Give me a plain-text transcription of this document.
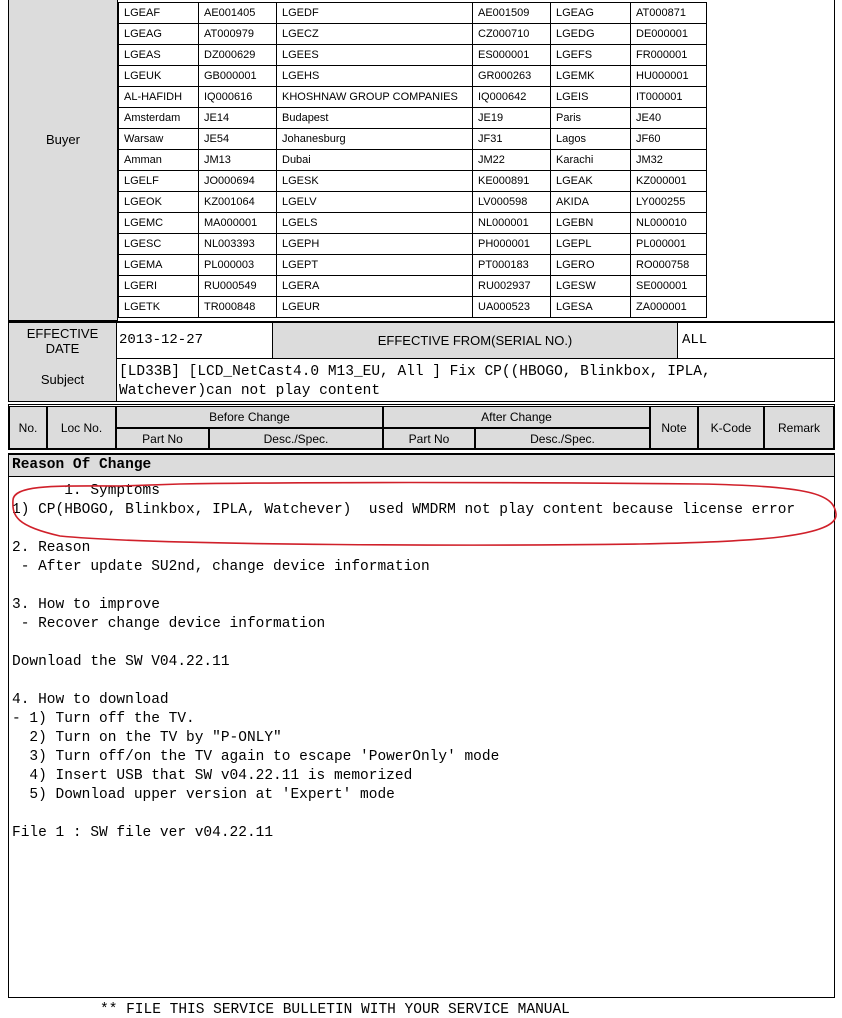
Buyer
LGEAF	AE001405	LGEDF	AE001509	LGEAG	AT000871
LGEAG	AT000979	LGECZ	CZ000710	LGEDG	DE000001
LGEAS	DZ000629	LGEES	ES000001	LGEFS	FR000001
LGEUK	GB000001	LGEHS	GR000263	LGEMK	HU000001
AL-HAFIDH	IQ000616	KHOSHNAW GROUP COMPANIES	IQ000642	LGEIS	IT000001
Amsterdam	JE14	Budapest	JE19	Paris	JE40
Warsaw	JE54	Johanesburg	JF31	Lagos	JF60
Amman	JM13	Dubai	JM22	Karachi	JM32
LGELF	JO000694	LGESK	KE000891	LGEAK	KZ000001
LGEOK	KZ001064	LGELV	LV000598	AKIDA	LY000255
LGEMC	MA000001	LGELS	NL000001	LGEBN	NL000010
LGESC	NL003393	LGEPH	PH000001	LGEPL	PL000001
LGEMA	PL000003	LGEPT	PT000183	LGERO	RO000758
LGERI	RU000549	LGERA	RU002937	LGESW	SE000001
LGETK	TR000848	LGEUR	UA000523	LGESA	ZA000001
EFFECTIVE DATE	2013-12-27	EFFECTIVE FROM(SERIAL NO.)	ALL
Subject	[LD33B] [LCD_NetCast4.0 M13_EU, All ] Fix CP((HBOGO, Blinkbox, IPLA,
Watchever)can not play content
No.	Loc No.
Before Change
Part No	Desc./Spec.
After Change
Part No	Desc./Spec.
Note	K-Code	Remark
Reason Of Change
1. Symptoms
1) CP(HBOGO, Blinkbox, IPLA, Watchever)  used WMDRM not play content because license error
2. Reason
- After update SU2nd, change device information
3. How to improve
- Recover change device information
Download the SW V04.22.11
4. How to download
- 1) Turn off the TV.
2) Turn on the TV by "P-ONLY"
3) Turn off/on the TV again to escape 'PowerOnly' mode
4) Insert USB that SW v04.22.11 is memorized
5) Download upper version at 'Expert' mode
File 1 : SW file ver v04.22.11
** FILE THIS SERVICE BULLETIN WITH YOUR SERVICE MANUAL
